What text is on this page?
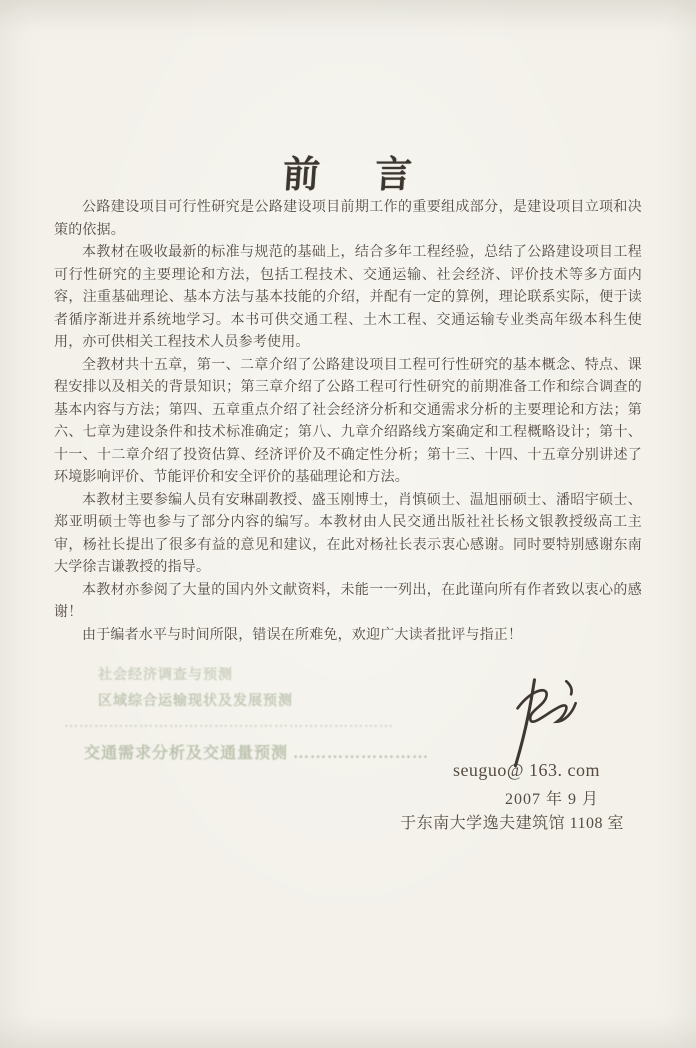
前 言

公路建设项目可行性研究是公路建设项目前期工作的重要组成部分，是建设项目立项和决策的依据。

本教材在吸收最新的标准与规范的基础上，结合多年工程经验，总结了公路建设项目工程可行性研究的主要理论和方法，包括工程技术、交通运输、社会经济、评价技术等多方面内容，注重基础理论、基本方法与基本技能的介绍，并配有一定的算例，理论联系实际，便于读者循序渐进并系统地学习。本书可供交通工程、土木工程、交通运输专业类高年级本科生使用，亦可供相关工程技术人员参考使用。

全教材共十五章，第一、二章介绍了公路建设项目工程可行性研究的基本概念、特点、课程安排以及相关的背景知识；第三章介绍了公路工程可行性研究的前期准备工作和综合调查的基本内容与方法；第四、五章重点介绍了社会经济分析和交通需求分析的主要理论和方法；第六、七章为建设条件和技术标准确定；第八、九章介绍路线方案确定和工程概略设计；第十、十一、十二章介绍了投资估算、经济评价及不确定性分析；第十三、十四、十五章分别讲述了环境影响评价、节能评价和安全评价的基础理论和方法。

本教材主要参编人员有安琳副教授、盛玉刚博士，肖慎硕士、温旭丽硕士、潘昭宇硕士、郑亚明硕士等也参与了部分内容的编写。本教材由人民交通出版社社长杨文银教授级高工主审，杨社长提出了很多有益的意见和建议，在此对杨社长表示衷心感谢。同时要特别感谢东南大学徐吉谦教授的指导。

本教材亦参阅了大量的国内外文献资料，未能一一列出，在此谨向所有作者致以衷心的感谢！

由于编者水平与时间所限，错误在所难免，欢迎广大读者批评与指正！

社会经济调查与预测
区域综合运输现状及发展预测
…………………………………………………………
交通需求分析及交通量预测 ……………………
seuguo@ 163. com
2007 年 9 月
于东南大学逸夫建筑馆 1108 室
